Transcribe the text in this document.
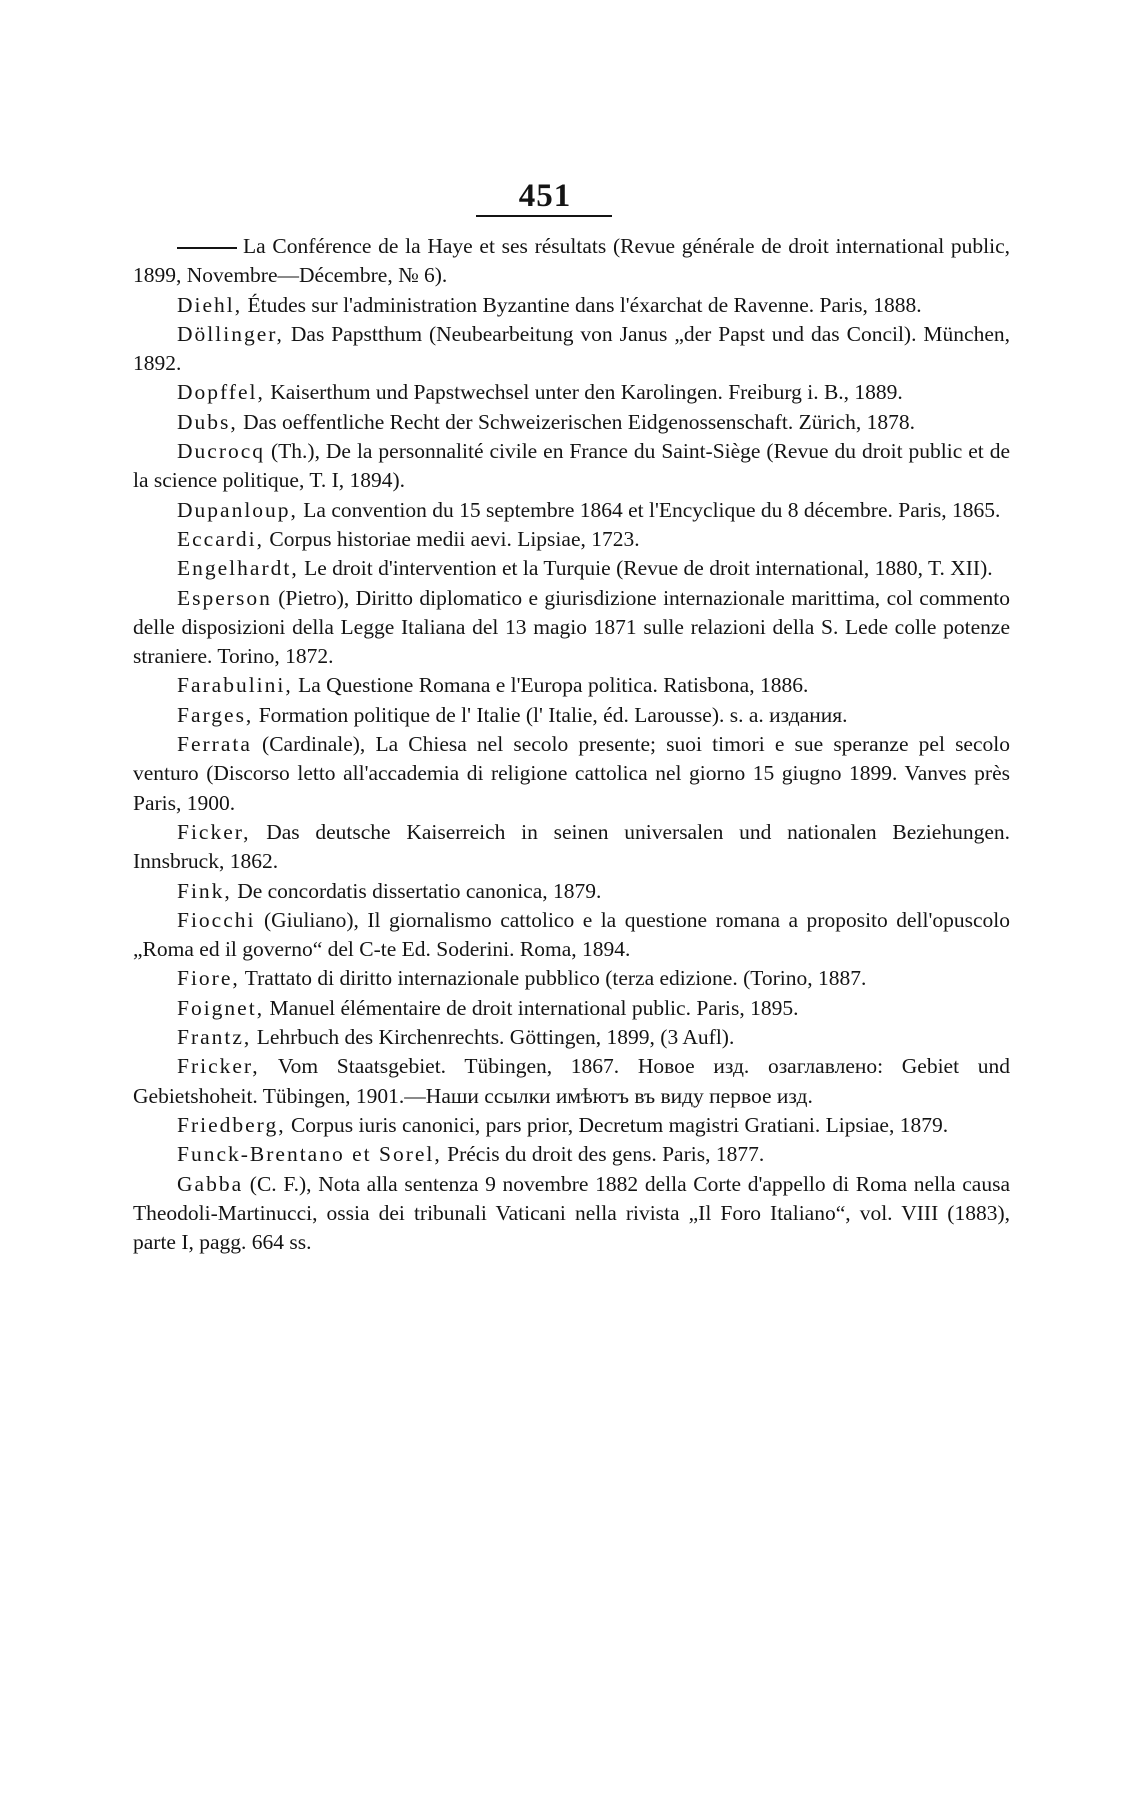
451

La Conférence de la Haye et ses résultats (Revue générale de droit international public, 1899, Novembre—Décembre, № 6).

Diehl, Études sur l'administration Byzantine dans l'éxarchat de Ravenne. Paris, 1888.

Döllinger, Das Papstthum (Neubearbeitung von Janus „der Papst und das Concil). München, 1892.

Dopffel, Kaiserthum und Papstwechsel unter den Karolingen. Freiburg i. B., 1889.

Dubs, Das oeffentliche Recht der Schweizerischen Eidgenossenschaft. Zürich, 1878.

Ducrocq (Th.), De la personnalité civile en France du Saint-Siège (Revue du droit public et de la science politique, T. I, 1894).

Dupanloup, La convention du 15 septembre 1864 et l'Encyclique du 8 décembre. Paris, 1865.

Eccardi, Corpus historiae medii aevi. Lipsiae, 1723.

Engelhardt, Le droit d'intervention et la Turquie (Revue de droit international, 1880, T. XII).

Esperson (Pietro), Diritto diplomatico e giurisdizione internazionale marittima, col commento delle disposizioni della Legge Italiana del 13 magio 1871 sulle relazioni della S. Lede colle potenze straniere. Torino, 1872.

Farabulini, La Questione Romana e l'Europa politica. Ratisbona, 1886.

Farges, Formation politique de l' Italie (l' Italie, éd. Larousse). s. a. издания.

Ferrata (Cardinale), La Chiesa nel secolo presente; suoi timori e sue speranze pel secolo venturo (Discorso letto all'accademia di religione cattolica nel giorno 15 giugno 1899. Vanves près Paris, 1900.

Ficker, Das deutsche Kaiserreich in seinen universalen und nationalen Beziehungen. Innsbruck, 1862.

Fink, De concordatis dissertatio canonica, 1879.

Fiocchi (Giuliano), Il giornalismo cattolico e la questione romana a proposito dell'opuscolo „Roma ed il governo“ del C-te Ed. Soderini. Roma, 1894.

Fiore, Trattato di diritto internazionale pubblico (terza edizione. (Torino, 1887.

Foignet, Manuel élémentaire de droit international public. Paris, 1895.

Frantz, Lehrbuch des Kirchenrechts. Göttingen, 1899, (3 Aufl).

Fricker, Vom Staatsgebiet. Tübingen, 1867. Новое изд. озаглавлено: Gebiet und Gebietshoheit. Tübingen, 1901.—Наши ссылки имѣютъ въ виду первое изд.

Friedberg, Corpus iuris canonici, pars prior, Decretum magistri Gratiani. Lipsiae, 1879.

Funck-Brentano et Sorel, Précis du droit des gens. Paris, 1877.

Gabba (C. F.), Nota alla sentenza 9 novembre 1882 della Corte d'appello di Roma nella causa Theodoli-Martinucci, ossia dei tribunali Vaticani nella rivista „Il Foro Italiano“, vol. VIII (1883), parte I, pagg. 664 ss.
